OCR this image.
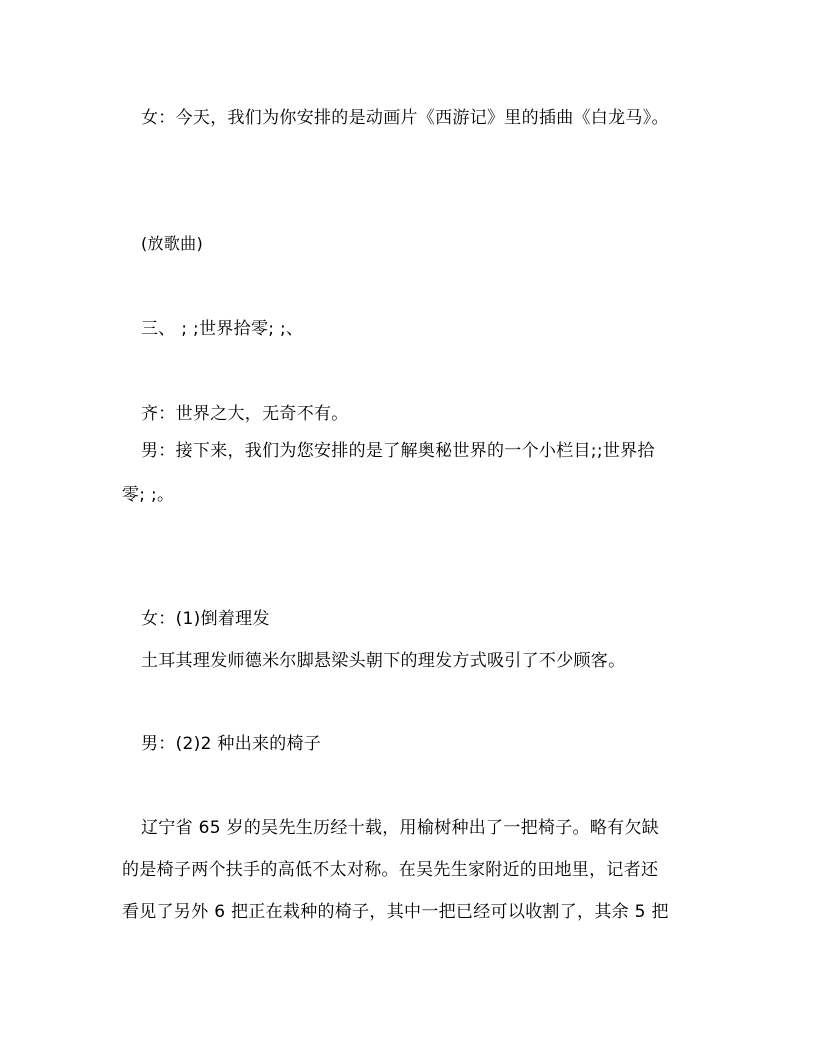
女：今天，我们为你安排的是动画片《西游记》里的插曲《白龙马》。
(放歌曲)
三、 ; ;世界拾零; ;、
齐：世界之大，无奇不有。
男：接下来，我们为您安排的是了解奥秘世界的一个小栏目;;世界拾
零; ;。
女：(1)倒着理发
土耳其理发师德米尔脚悬梁头朝下的理发方式吸引了不少顾客。
男：(2)2 种出来的椅子
辽宁省 65 岁的吴先生历经十载，用榆树种出了一把椅子。略有欠缺
的是椅子两个扶手的高低不太对称。在吴先生家附近的田地里，记者还
看见了另外 6 把正在栽种的椅子，其中一把已经可以收割了，其余 5 把
